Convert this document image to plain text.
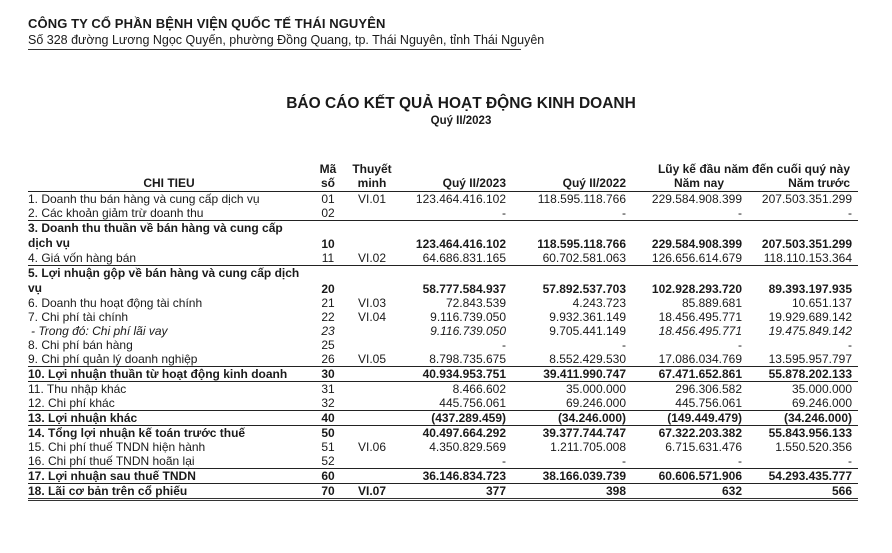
CÔNG TY CỔ PHẦN BỆNH VIỆN QUỐC TẾ THÁI NGUYÊN
Số 328 đường Lương Ngọc Quyến, phường Đồng Quang, tp. Thái Nguyên, tỉnh Thái Nguyên
BÁO CÁO KẾT QUẢ HOẠT ĐỘNG KINH DOANH
Quý II/2023
CHI TIEU	Mã	Thuyết			Lũy kế đầu năm đến cuối quý này	
	số	minh	Quý II/2023	Quý II/2022	Năm nay	Năm trước
1. Doanh thu bán hàng và cung cấp dịch vụ	01	VI.01	123.464.416.102	118.595.118.766	229.584.908.399	207.503.351.299
2. Các khoản giảm trừ doanh thu	02		-	-	-	-
3. Doanh thu thuần về bán hàng và cung cấp dịch vụ	10		123.464.416.102	118.595.118.766	229.584.908.399	207.503.351.299
4. Giá vốn hàng bán	11	VI.02	64.686.831.165	60.702.581.063	126.656.614.679	118.110.153.364
5. Lợi nhuận gộp về bán hàng và cung cấp dịch vụ	20		58.777.584.937	57.892.537.703	102.928.293.720	89.393.197.935
6. Doanh thu hoạt động tài chính	21	VI.03	72.843.539	4.243.723	85.889.681	10.651.137
7. Chi phí tài chính	22	VI.04	9.116.739.050	9.932.361.149	18.456.495.771	19.929.689.142
- Trong đó: Chi phí lãi vay	23		9.116.739.050	9.705.441.149	18.456.495.771	19.475.849.142
8. Chi phí bán hàng	25		-	-	-	-
9. Chi phí quản lý doanh nghiệp	26	VI.05	8.798.735.675	8.552.429.530	17.086.034.769	13.595.957.797
10. Lợi nhuận thuần từ hoạt động kinh doanh	30		40.934.953.751	39.411.990.747	67.471.652.861	55.878.202.133
11. Thu nhập khác	31		8.466.602	35.000.000	296.306.582	35.000.000
12. Chi phí khác	32		445.756.061	69.246.000	445.756.061	69.246.000
13. Lợi nhuận khác	40		(437.289.459)	(34.246.000)	(149.449.479)	(34.246.000)
14. Tổng lợi nhuận kế toán trước thuế	50		40.497.664.292	39.377.744.747	67.322.203.382	55.843.956.133
15. Chi phí thuế TNDN hiện hành	51	VI.06	4.350.829.569	1.211.705.008	6.715.631.476	1.550.520.356
16. Chi phí thuế TNDN hoãn lại	52		-	-	-	-
17. Lợi nhuận sau thuế TNDN	60		36.146.834.723	38.166.039.739	60.606.571.906	54.293.435.777
18. Lãi cơ bản trên cổ phiếu	70	VI.07	377	398	632	566
